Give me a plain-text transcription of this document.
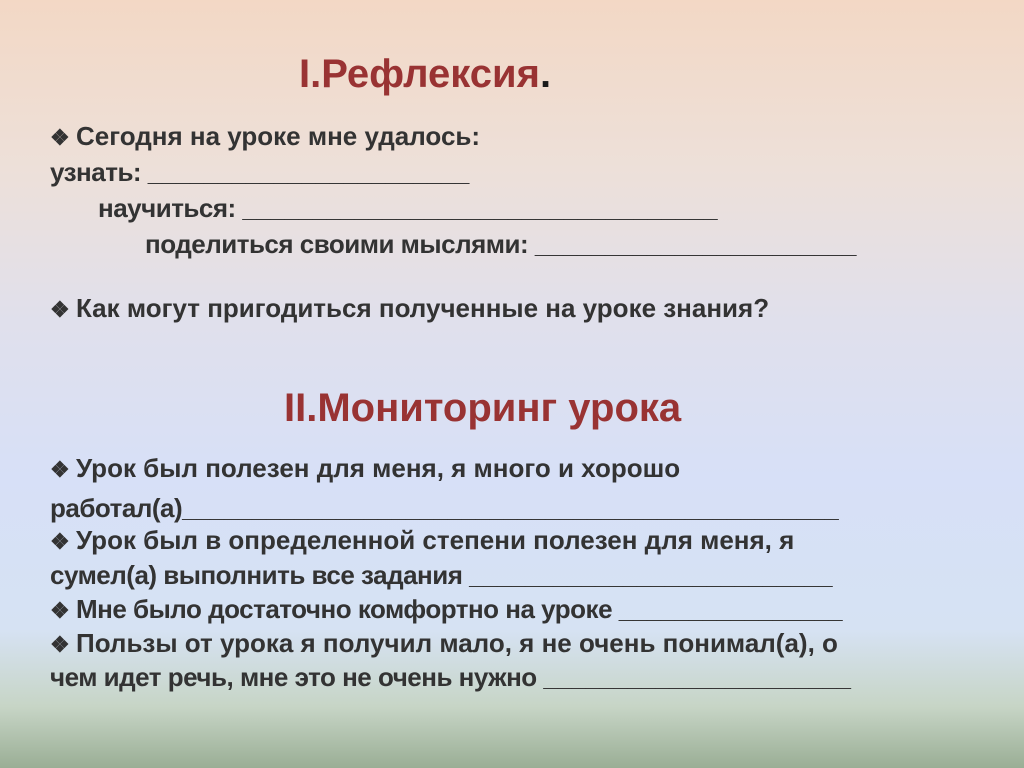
I.Рефлексия.

❖ Сегодня на уроке мне удалось:

узнать: _______________________

научиться: __________________________________

поделиться своими мыслями: _______________________

❖ Как могут пригодиться полученные на уроке знания?

II.Мониторинг урока

❖ Урок был полезен для меня, я много и хорошо

работал(а)_______________________________________________

❖ Урок был в определенной степени полезен для меня, я

сумел(а) выполнить все задания __________________________

❖ Мне было достаточно комфортно на уроке ________________

❖ Пользы от урока я получил мало, я не очень понимал(а), о

чем идет речь, мне это не очень нужно ______________________
